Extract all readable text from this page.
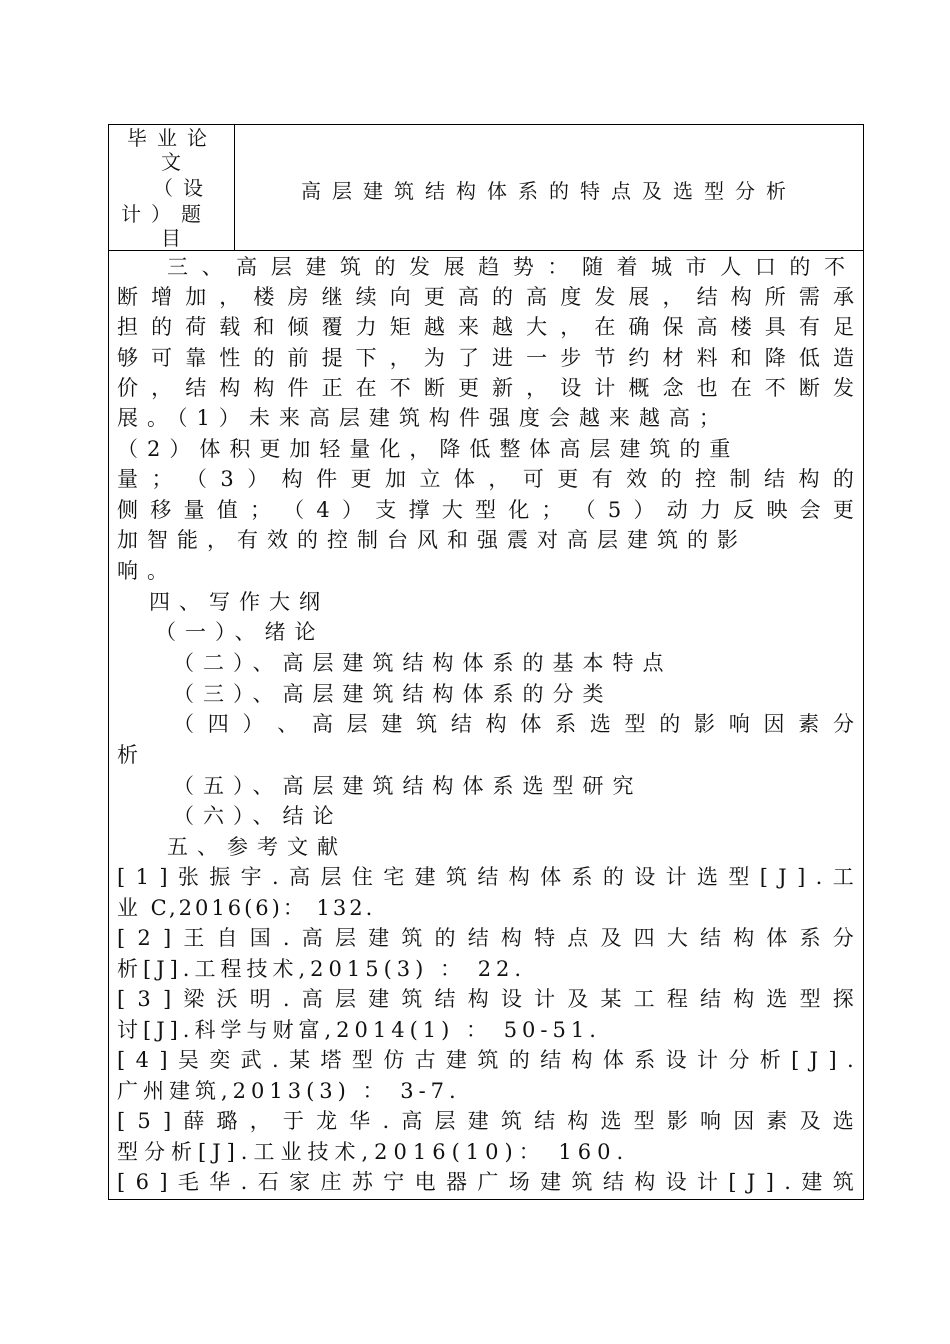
毕业论
文
（设
计）题
目
高层建筑结构体系的特点及选型分析
三 、 高 层 建 筑 的 发 展 趋 势 ： 随 着 城 市 人 口 的 不
断 增 加 ， 楼 房 继 续 向 更 高 的 高 度 发 展 ， 结 构 所 需 承
担 的 荷 载 和 倾 覆 力 矩 越 来 越 大 ， 在 确 保 高 楼 具 有 足
够 可 靠 性 的 前 提 下 ， 为 了 进 一 步 节 约 材 料 和 降 低 造
价 ， 结 构 构 件 正 在 不 断 更 新 ， 设 计 概 念 也 在 不 断 发
展。（1）未来高层建筑构件强度会越来越高；
（2）体积更加轻量化，降低整体高层建筑的重
量 ； （ 3 ） 构 件 更 加 立 体 ， 可 更 有 效 的 控 制 结 构 的
侧 移 量 值 ； （ 4 ） 支 撑 大 型 化 ； （ 5 ） 动 力 反 映 会 更
加智能，有效的控制台风和强震对高层建筑的影
响。
四、写作大纲
（一）、绪论
（二）、高层建筑结构体系的基本特点
（三）、高层建筑结构体系的分类
（ 四 ） 、 高 层 建 筑 结 构 体 系 选 型 的 影 响 因 素 分
析
（五）、高层建筑结构体系选型研究
（六）、结论
五、参考文献
[ 1 ] 张 振 宇 . 高 层 住 宅 建 筑 结 构 体 系 的 设 计 选 型 [ J ] . 工
业 C,2016(6)： 132.
[ 2 ] 王 自 国 . 高 层 建 筑 的 结 构 特 点 及 四 大 结 构 体 系 分
析[J].工程技术,2015(3) ： 22.
[ 3 ] 梁 沃 明 . 高 层 建 筑 结 构 设 计 及 某 工 程 结 构 选 型 探
讨[J].科学与财富,2014(1) ： 50-51.
[ 4 ] 吴 奕 武 . 某 塔 型 仿 古 建 筑 的 结 构 体 系 设 计 分 析 [ J ] .
广州建筑,2013(3) ： 3-7.
[ 5 ] 薛 璐 ， 于 龙 华 . 高 层 建 筑 结 构 选 型 影 响 因 素 及 选
型分析[J].工业技术,2016(10)： 160.
[ 6 ] 毛 华 . 石 家 庄 苏 宁 电 器 广 场 建 筑 结 构 设 计 [ J ] . 建 筑
